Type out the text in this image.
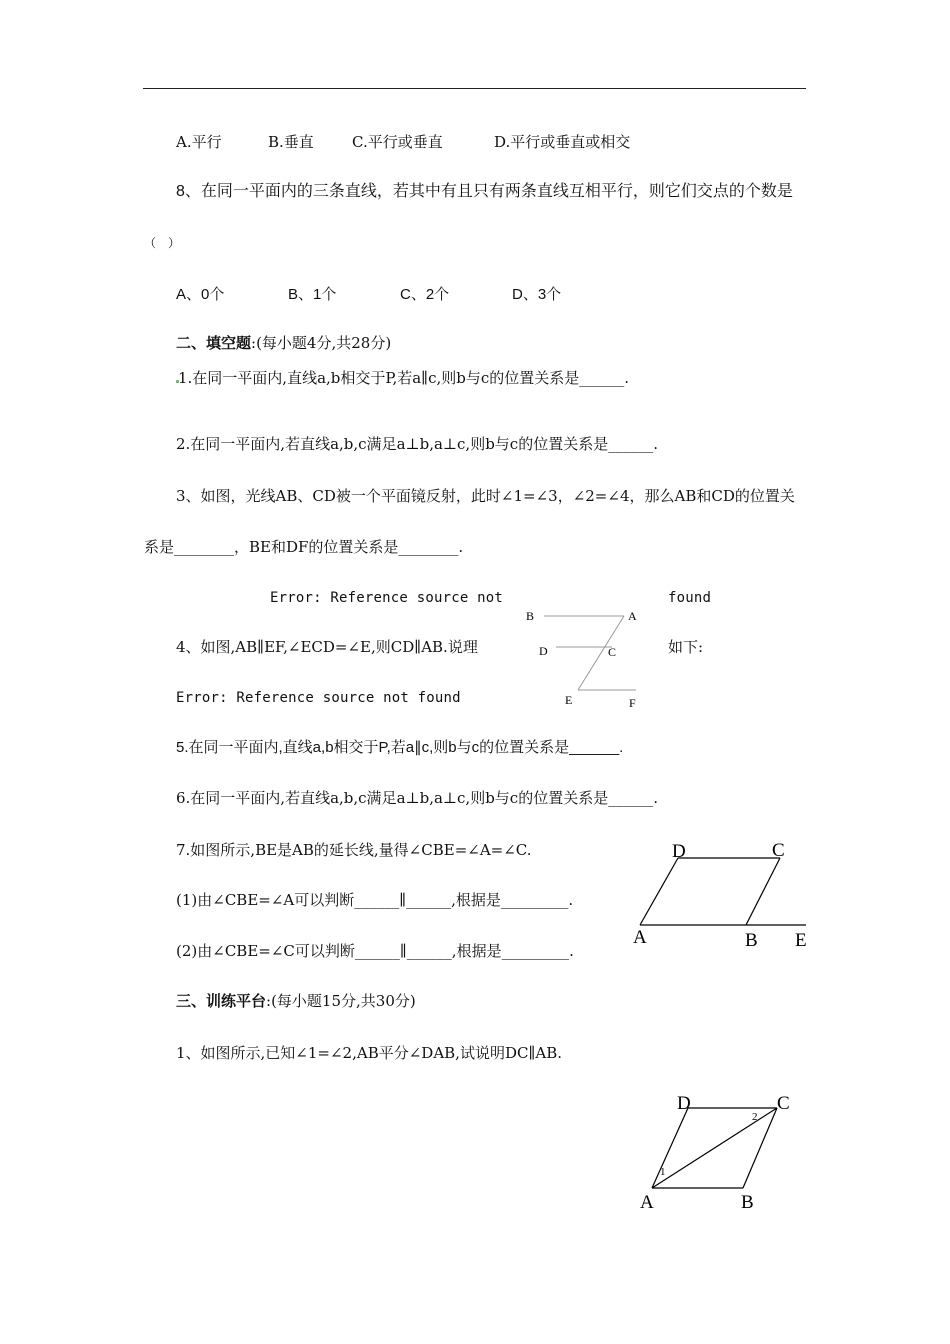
A.平行	B.垂直	C.平行或垂直	D.平行或垂直或相交
8、在同一平面内的三条直线，若其中有且只有两条直线互相平行，则它们交点的个数是
（　）
A、0个	B、1个	C、2个	D、3个
二、填空题:(每小题4分,共28分)
1.在同一平面内,直线a,b相交于P,若a∥c,则b与c的位置关系是______.
2.在同一平面内,若直线a,b,c满足a⊥b,a⊥c,则b与c的位置关系是______.
3、如图，光线AB、CD被一个平面镜反射，此时∠1=∠3，∠2=∠4，那么AB和CD的位置关
系是________，BE和DF的位置关系是________.
Error: Reference source not	found
B	A
D	C
E	F
4、如图,AB∥EF,∠ECD=∠E,则CD∥AB.说理	如下:
Error: Reference source not found
5.在同一平面内,直线a,b相交于P,若a∥c,则b与c的位置关系是______.
6.在同一平面内,若直线a,b,c满足a⊥b,a⊥c,则b与c的位置关系是______.
7.如图所示,BE是AB的延长线,量得∠CBE=∠A=∠C.
(1)由∠CBE=∠A可以判断______∥______,根据是_________.
(2)由∠CBE=∠C可以判断______∥______,根据是_________.
D	C
A	B E
三、训练平台:(每小题15分,共30分)
1、如图所示,已知∠1=∠2,AB平分∠DAB,试说明DC∥AB.
D	C
A	B
1
2
